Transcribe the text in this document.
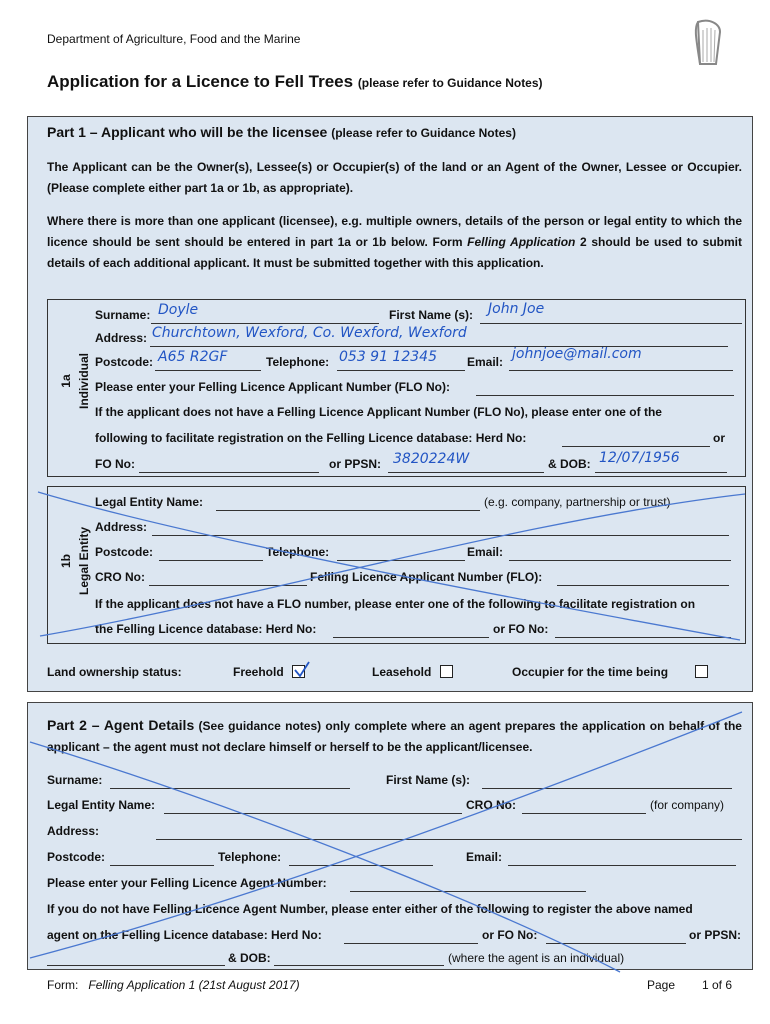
Department of Agriculture, Food and the Marine
Application for a Licence to Fell Trees (please refer to Guidance Notes)
Part 1 – Applicant who will be the licensee (please refer to Guidance Notes)
The Applicant can be the Owner(s), Lessee(s) or Occupier(s) of the land or an Agent of the Owner, Lessee or Occupier. (Please complete either part 1a or 1b, as appropriate).
Where there is more than one applicant (licensee), e.g. multiple owners, details of the person or legal entity to which the licence should be sent should be entered in part 1a or 1b below. Form Felling Application 2 should be used to submit details of each additional applicant. It must be submitted together with this application.
1a Individual
Surname: Doyle	First Name (s): John Joe
Address: Churchtown, Wexford, Co. Wexford, Wexford
Postcode: A65 R2GF	Telephone: 053 91 12345	Email: johnjoe@mail.com
Please enter your Felling Licence Applicant Number (FLO No):
If the applicant does not have a Felling Licence Applicant Number (FLO No), please enter one of the
following to facilitate registration on the Felling Licence database: Herd No:	or
FO No:	or PPSN: 3820224W	& DOB: 12/07/1956
1b Legal Entity
Legal Entity Name:	(e.g. company, partnership or trust)
Address:
Postcode:	Telephone:	Email:
CRO No:	Felling Licence Applicant Number (FLO):
If the applicant does not have a FLO number, please enter one of the following to facilitate registration on
the Felling Licence database: Herd No:	or FO No:
Land ownership status:	Freehold	Leasehold	Occupier for the time being
Part 2 – Agent Details (See guidance notes) only complete where an agent prepares the application on behalf of the applicant – the agent must not declare himself or herself to be the applicant/licensee.
Surname:	First Name (s):
Legal Entity Name:	CRO No:	(for company)
Address:
Postcode:	Telephone:	Email:
Please enter your Felling Licence Agent Number:
If you do not have Felling Licence Agent Number, please enter either of the following to register the above named
agent on the Felling Licence database: Herd No:	or FO No:	or PPSN:
& DOB:	(where the agent is an individual)
Form: Felling Application 1 (21st August 2017)	Page 1 of 6
